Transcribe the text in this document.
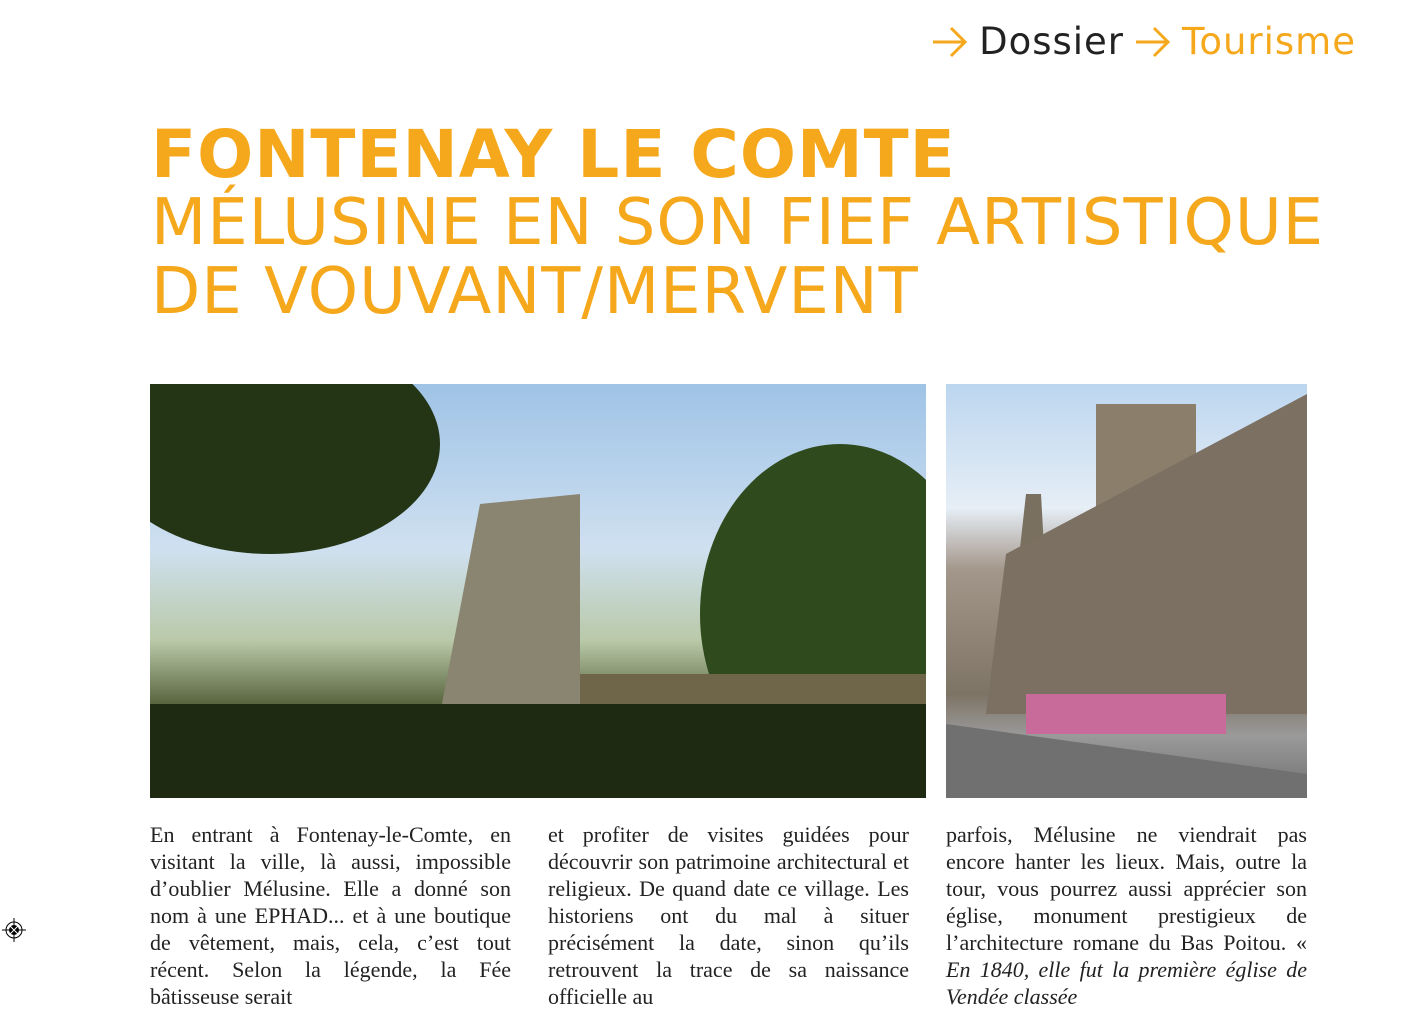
Dossier Tourisme
FONTENAY LE COMTE
MÉLUSINE EN SON FIEF ARTISTIQUE
DE VOUVANT/MERVENT
En entrant à Fontenay-le-Comte, en visitant la ville, là aussi, impossible d’oublier Mélusine. Elle a donné son nom à une EPHAD... et à une boutique de vêtement, mais, cela, c’est tout récent. Selon la légende, la Fée bâtisseuse serait
et profiter de visites guidées pour découvrir son patrimoine architectural et religieux. De quand date ce village. Les historiens ont du mal à situer précisément la date, sinon qu’ils retrouvent la trace de sa naissance officielle au
parfois, Mélusine ne viendrait pas encore hanter les lieux. Mais, outre la tour, vous pourrez aussi apprécier son église, monument prestigieux de l’architecture romane du Bas Poitou. « En 1840, elle fut la première église de Vendée classée
